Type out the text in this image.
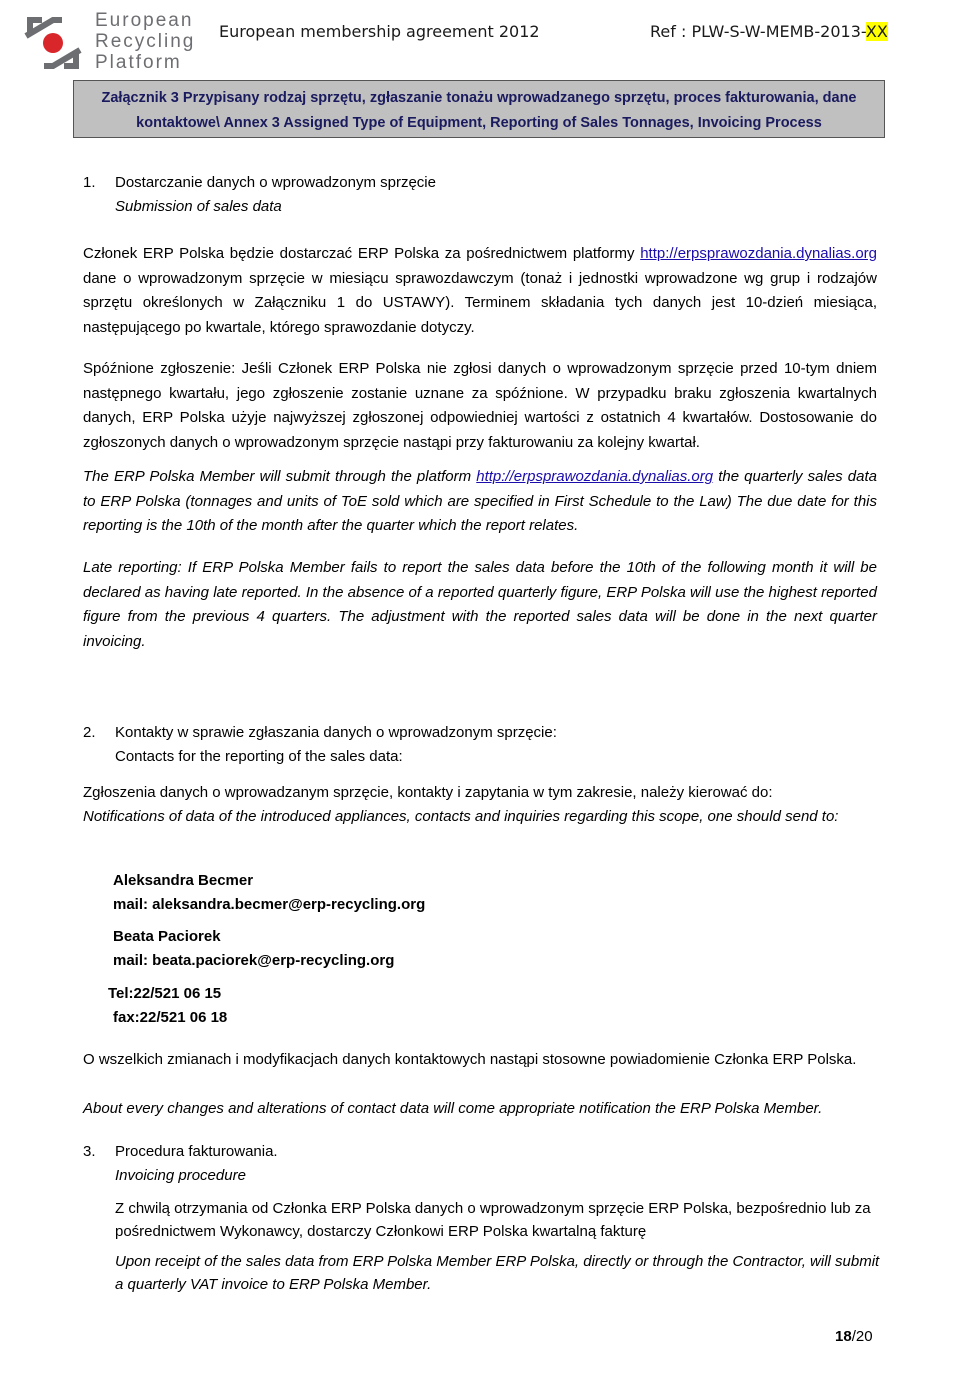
European
Recycling
Platform
European membership agreement 2012	Ref : PLW-S-W-MEMB-2013-XX
Załącznik 3 Przypisany rodzaj sprzętu, zgłaszanie tonażu wprowadzanego sprzętu, proces fakturowania, dane
kontaktowe\ Annex 3 Assigned Type of Equipment, Reporting of Sales Tonnages, Invoicing Process
1. Dostarczanie danych o wprowadzonym sprzęcie
Submission of sales data
Członek ERP Polska będzie dostarczać ERP Polska za pośrednictwem platformy http://erpsprawozdania.dynalias.org dane o wprowadzonym sprzęcie w miesiącu sprawozdawczym (tonaż i jednostki wprowadzone wg grup i rodzajów sprzętu określonych w Załączniku 1 do USTAWY). Terminem składania tych danych jest 10-dzień miesiąca, następującego po kwartale, którego sprawozdanie dotyczy.
Spóźnione zgłoszenie: Jeśli Członek ERP Polska nie zgłosi danych o wprowadzonym sprzęcie przed 10-tym dniem następnego kwartału, jego zgłoszenie zostanie uznane za spóźnione. W przypadku braku zgłoszenia kwartalnych danych, ERP Polska użyje najwyższej zgłoszonej odpowiedniej wartości z ostatnich 4 kwartałów. Dostosowanie do zgłoszonych danych o wprowadzonym sprzęcie nastąpi przy fakturowaniu za kolejny kwartał.
The ERP Polska Member will submit through the platform http://erpsprawozdania.dynalias.org the quarterly sales data to ERP Polska (tonnages and units of ToE sold which are specified in First Schedule to the Law) The due date for this reporting is the 10th of the month after the quarter which the report relates.
Late reporting: If ERP Polska Member fails to report the sales data before the 10th of the following month it will be declared as having late reported. In the absence of a reported quarterly figure, ERP Polska will use the highest reported figure from the previous 4 quarters. The adjustment with the reported sales data will be done in the next quarter invoicing.
2. Kontakty w sprawie zgłaszania danych o wprowadzonym sprzęcie:
Contacts for the reporting of the sales data:
Zgłoszenia danych o wprowadzanym sprzęcie, kontakty i zapytania w tym zakresie, należy kierować do:
Notifications of data of the introduced appliances, contacts and inquiries regarding this scope, one should send to:
Aleksandra Becmer
mail: aleksandra.becmer@erp-recycling.org
Beata Paciorek
mail: beata.paciorek@erp-recycling.org
Tel:22/521 06 15
fax:22/521 06 18
O wszelkich zmianach i modyfikacjach danych kontaktowych nastąpi stosowne powiadomienie Członka ERP Polska.
About every changes and alterations of contact data will come appropriate notification the ERP Polska Member.
3. Procedura fakturowania.
Invoicing procedure
Z chwilą otrzymania od Członka ERP Polska danych o wprowadzonym sprzęcie ERP Polska, bezpośrednio lub za pośrednictwem Wykonawcy, dostarczy Członkowi ERP Polska kwartalną fakturę
Upon receipt of the sales data from ERP Polska Member ERP Polska, directly or through the Contractor, will submit a quarterly VAT invoice to ERP Polska Member.
18/20
